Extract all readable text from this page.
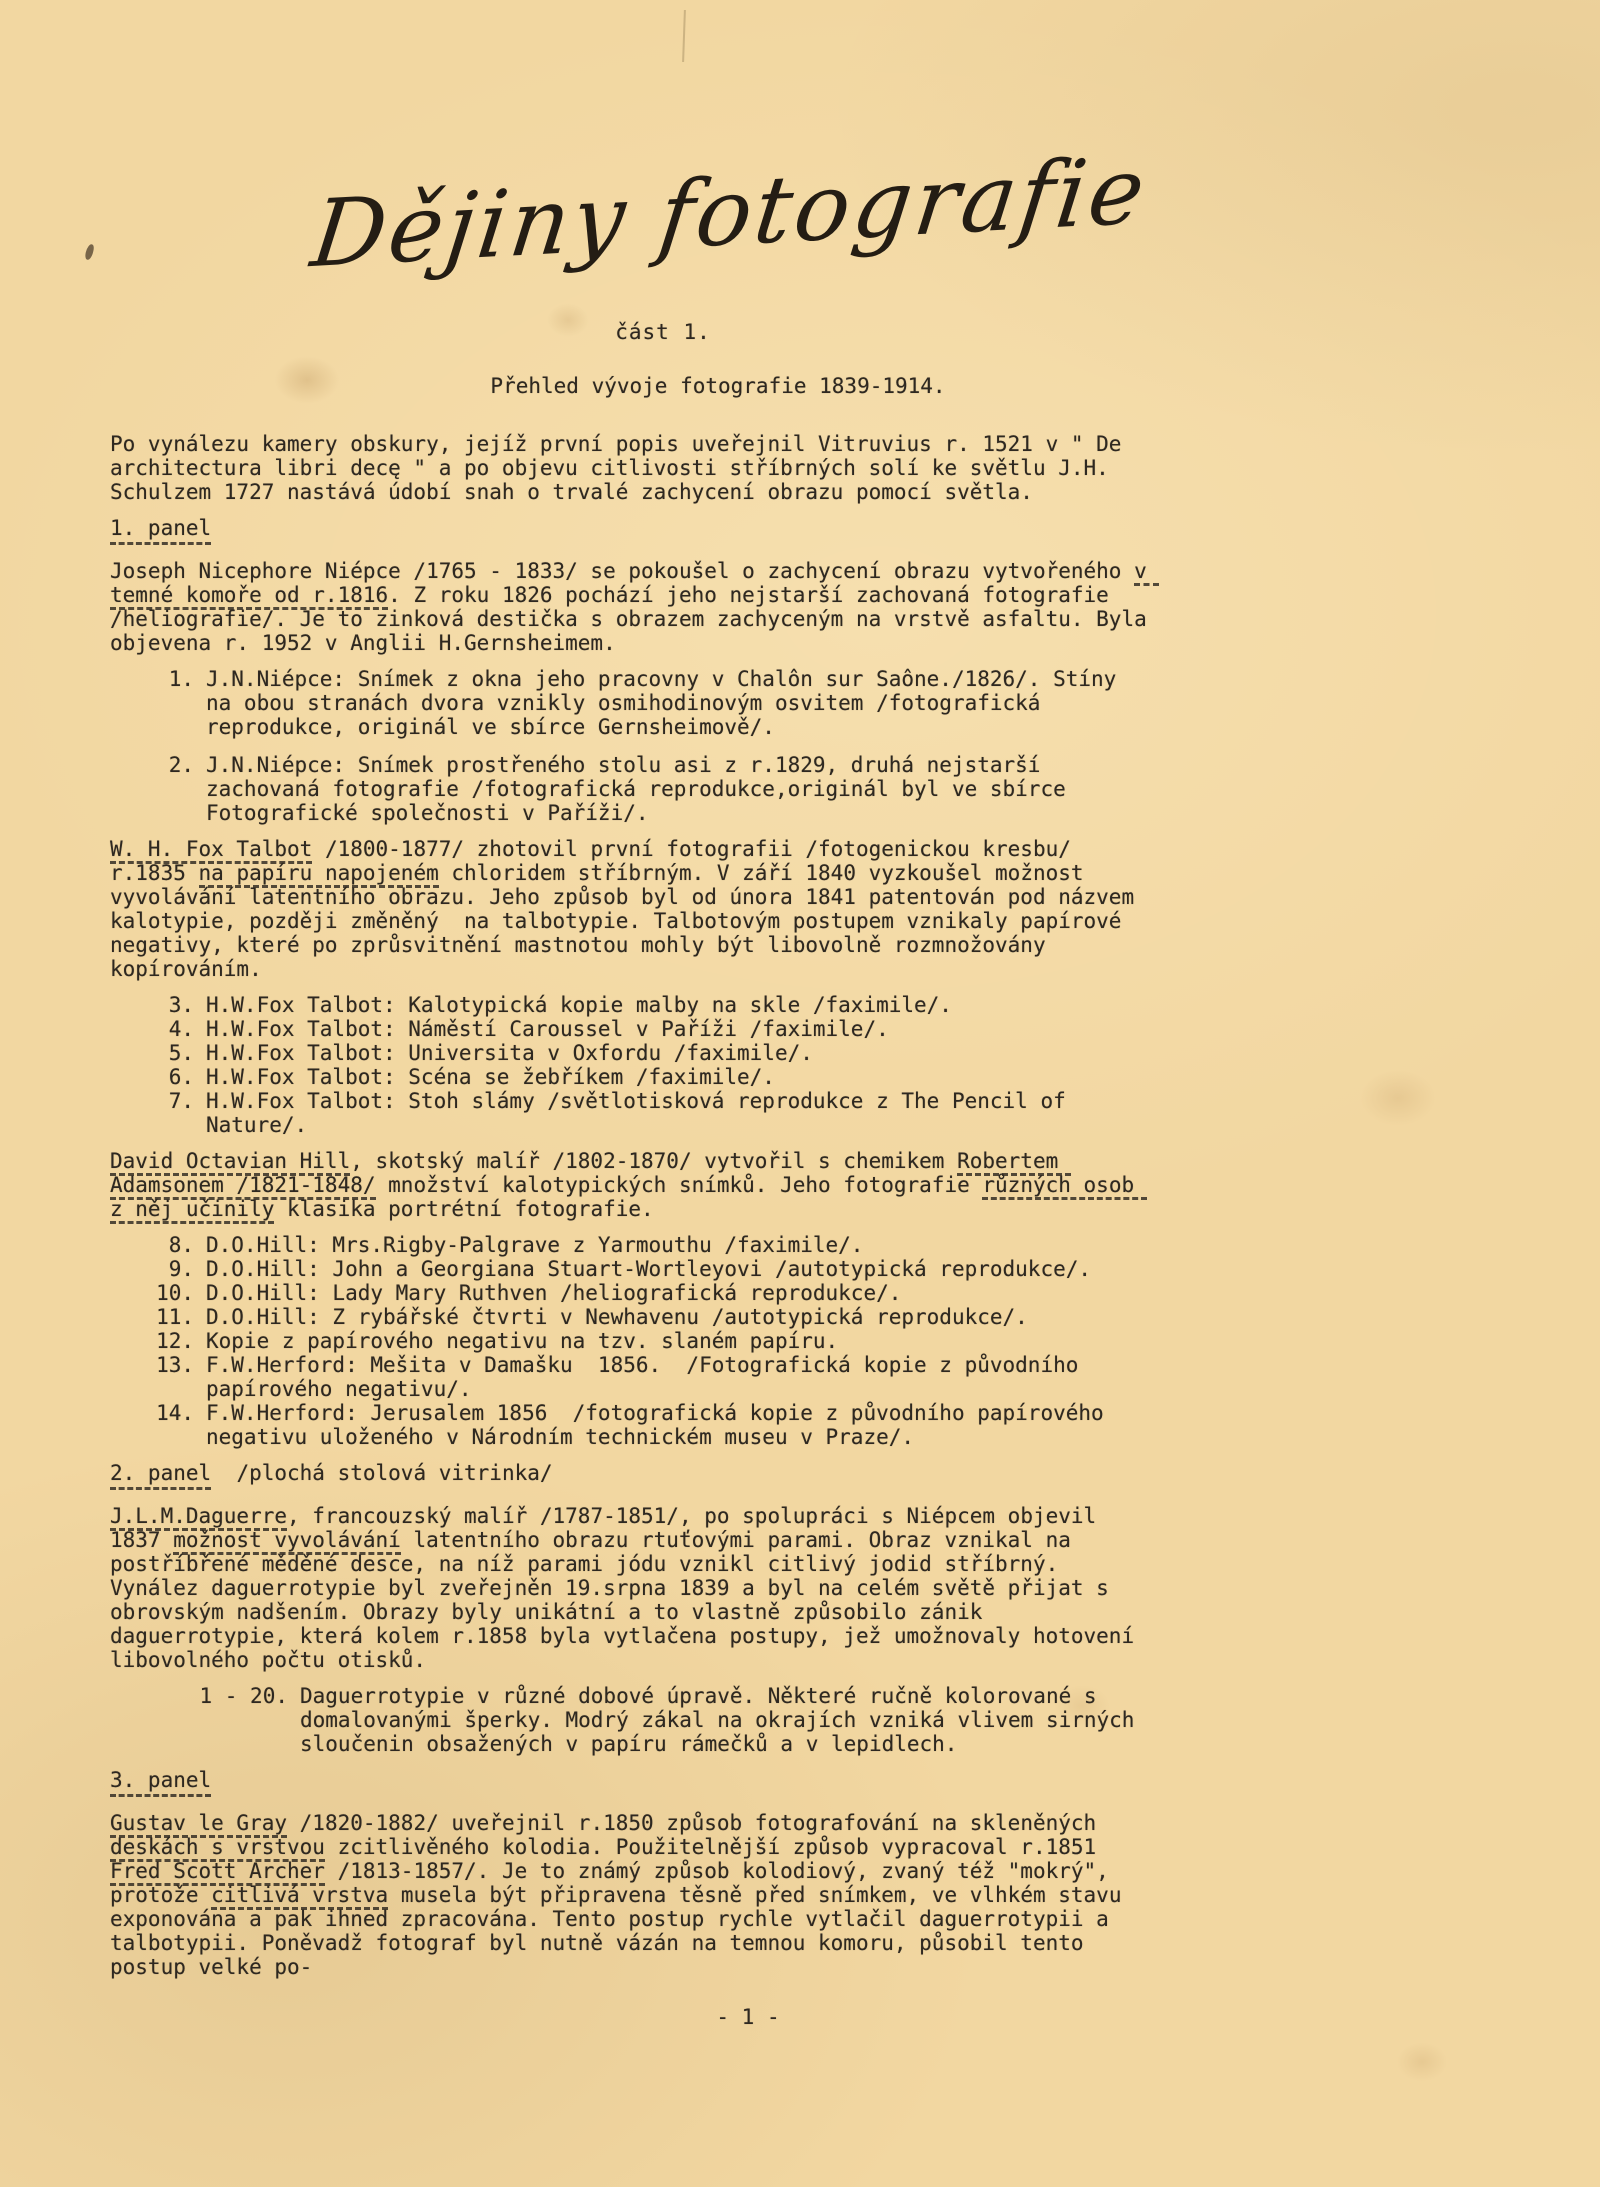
Dějiny fotografie
část 1.
Přehled vývoje fotografie 1839-1914.
Po vynálezu kamery obskury, jejíž první popis uveřejnil Vitruvius r. 1521 v " De architectura libri decę " a po objevu citlivosti stříbrných solí ke světlu J.H. Schulzem 1727 nastává údobí snah o trvalé zachycení obrazu pomocí světla.
1. panel
Joseph Nicephore Niépce /1765 - 1833/ se pokoušel o zachycení obrazu vytvořeného v temné komoře od r.1816. Z roku 1826 pochází jeho nejstarší zachovaná fotografie /heliografie/. Je to zinková destička s obrazem zachyceným na vrstvě asfaltu. Byla objevena r. 1952 v Anglii H.Gernsheimem.
1. J.N.Niépce: Snímek z okna jeho pracovny v Chalôn sur Saône./1826/. Stíny na obou stranách dvora vznikly osmihodinovým osvitem /fotografická reprodukce, originál ve sbírce Gernsheimově/.
2. J.N.Niépce: Snímek prostřeného stolu asi z r.1829, druhá nejstarší zachovaná fotografie /fotografická reprodukce,originál byl ve sbírce Fotografické společnosti v Paříži/.
W. H. Fox Talbot /1800-1877/ zhotovil první fotografii /fotogenickou kresbu/ r.1835 na papíru napojeném chloridem stříbrným. V září 1840 vyzkoušel možnost vyvolávání latentního obrazu. Jeho způsob byl od února 1841 patentován pod názvem kalotypie, později změněný  na talbotypie. Talbotovým postupem vznikaly papírové negativy, které po zprůsvitnění mastnotou mohly být libovolně rozmnožovány kopírováním.
3. H.W.Fox Talbot: Kalotypická kopie malby na skle /faximile/.
4. H.W.Fox Talbot: Náměstí Caroussel v Paříži /faximile/.
5. H.W.Fox Talbot: Universita v Oxfordu /faximile/.
6. H.W.Fox Talbot: Scéna se žebříkem /faximile/.
7. H.W.Fox Talbot: Stoh slámy /světlotisková reprodukce z The Pencil of Nature/.
David Octavian Hill, skotský malíř /1802-1870/ vytvořil s chemikem Robertem Adamsonem /1821-1848/ množství kalotypických snímků. Jeho fotografie různých osob z něj učinily klasika portrétní fotografie.
8. D.O.Hill: Mrs.Rigby-Palgrave z Yarmouthu /faximile/.
9. D.O.Hill: John a Georgiana Stuart-Wortleyovi /autotypická reprodukce/.
10. D.O.Hill: Lady Mary Ruthven /heliografická reprodukce/.
11. D.O.Hill: Z rybářské čtvrti v Newhavenu /autotypická reprodukce/.
12. Kopie z papírového negativu na tzv. slaném papíru.
13. F.W.Herford: Mešita v Damašku  1856.  /Fotografická kopie z původního papírového negativu/.
14. F.W.Herford: Jerusalem 1856  /fotografická kopie z původního papírového negativu uloženého v Národním technickém museu v Praze/.
2. panel  /plochá stolová vitrinka/
J.L.M.Daguerre, francouzský malíř /1787-1851/, po spolupráci s Niépcem objevil 1837 možnost vyvolávání latentního obrazu rtuťovými parami. Obraz vznikal na postříbřené měděné desce, na níž parami jódu vznikl citlivý jodid stříbrný. Vynález daguerrotypie byl zveřejněn 19.srpna 1839 a byl na celém světě přijat s obrovským nadšením. Obrazy byly unikátní a to vlastně způsobilo zánik daguerrotypie, která kolem r.1858 byla vytlačena postupy, jež umožnovaly hotovení libovolného počtu otisků.
1 - 20. Daguerrotypie v různé dobové úpravě. Některé ručně kolorované s domalovanými šperky. Modrý zákal na okrajích vzniká vlivem sirných sloučenin obsažených v papíru rámečků a v lepidlech.
3. panel
Gustav le Gray /1820-1882/ uveřejnil r.1850 způsob fotografování na skleněných deskách s vrstvou zcitlivěného kolodia. Použitelnější způsob vypracoval r.1851  Fred Scott Archer /1813-1857/. Je to známý způsob kolodiový, zvaný též "mokrý", protože citlivá vrstva musela být připravena těsně před snímkem, ve vlhkém stavu exponována a pak ihned zpracována. Tento postup rychle vytlačil daguerrotypii a talbotypii. Poněvadž fotograf byl nutně vázán na temnou komoru, působil tento postup velké po-
- 1 -
